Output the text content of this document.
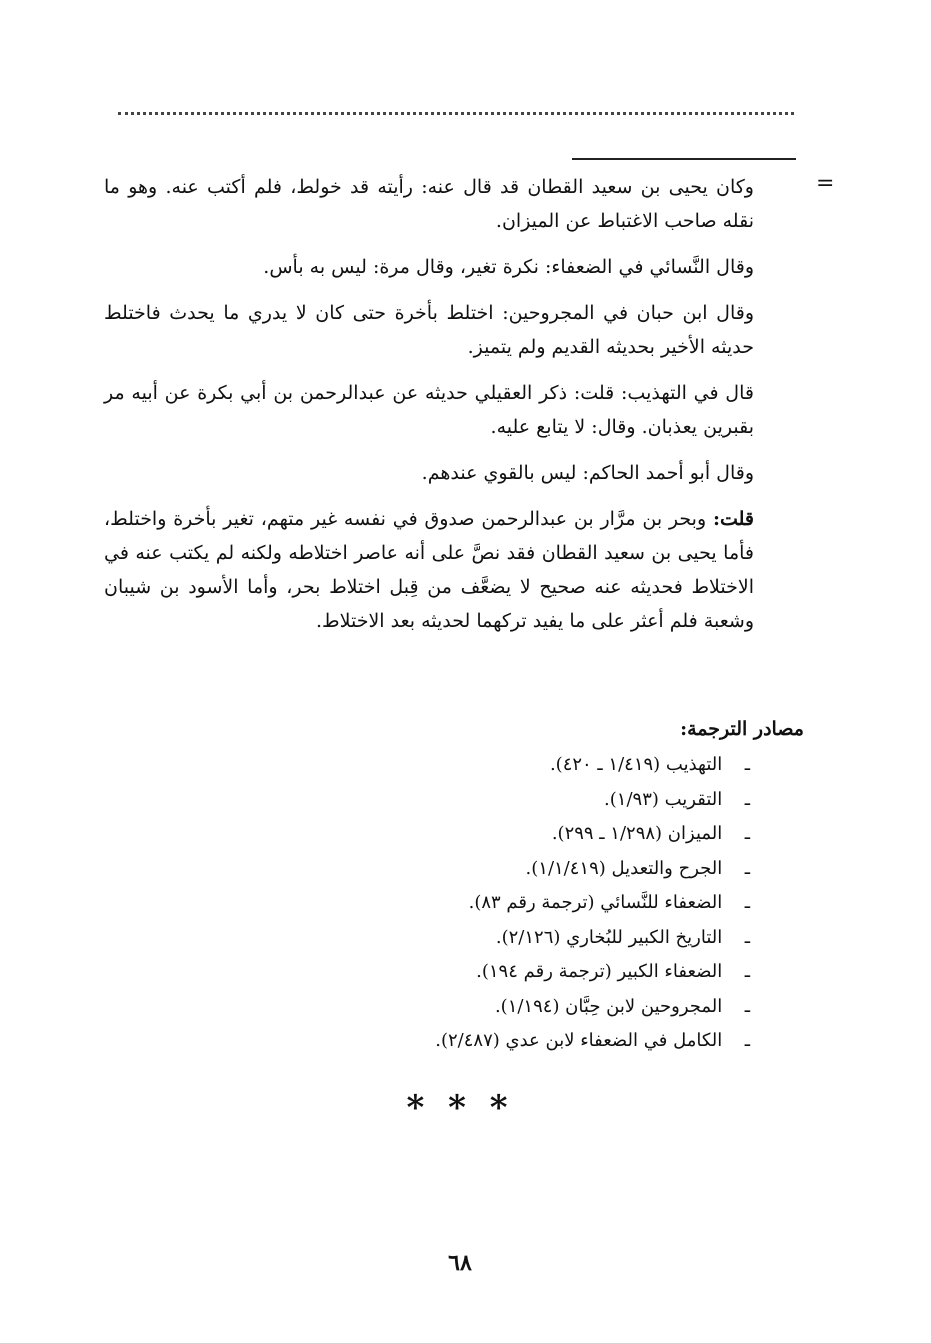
=

وكان يحيى بن سعيد القطان قد قال عنه: رأيته قد خولط، فلم أكتب عنه. وهو ما نقله صاحب الاغتباط عن الميزان.

وقال النَّسائي في الضعفاء: نكرة تغير، وقال مرة: ليس به بأس.

وقال ابن حبان في المجروحين: اختلط بأخرة حتى كان لا يدري ما يحدث فاختلط حديثه الأخير بحديثه القديم ولم يتميز.

قال في التهذيب: قلت: ذكر العقيلي حديثه عن عبدالرحمن بن أبي بكرة عن أبيه مر بقبرين يعذبان. وقال: لا يتابع عليه.

وقال أبو أحمد الحاكم: ليس بالقوي عندهم.

قلت: وبحر بن مرَّار بن عبدالرحمن صدوق في نفسه غير متهم، تغير بأخرة واختلط، فأما يحيى بن سعيد القطان فقد نصَّ على أنه عاصر اختلاطه ولكنه لم يكتب عنه في الاختلاط فحديثه عنه صحيح لا يضعَّف من قِبل اختلاط بحر، وأما الأسود بن شيبان وشعبة فلم أعثر على ما يفيد تركهما لحديثه بعد الاختلاط.

مصادر الترجمة:
ـ التهذيب (١/٤١٩ ـ ٤٢٠).
ـ التقريب (١/٩٣).
ـ الميزان (١/٢٩٨ ـ ٢٩٩).
ـ الجرح والتعديل (١/١/٤١٩).
ـ الضعفاء للنَّسائي (ترجمة رقم ٨٣).
ـ التاريخ الكبير للبُخاري (٢/١٢٦).
ـ الضعفاء الكبير (ترجمة رقم ١٩٤).
ـ المجروحين لابن حِبَّان (١/١٩٤).
ـ الكامل في الضعفاء لابن عدي (٢/٤٨٧).
* * *
٦٨
